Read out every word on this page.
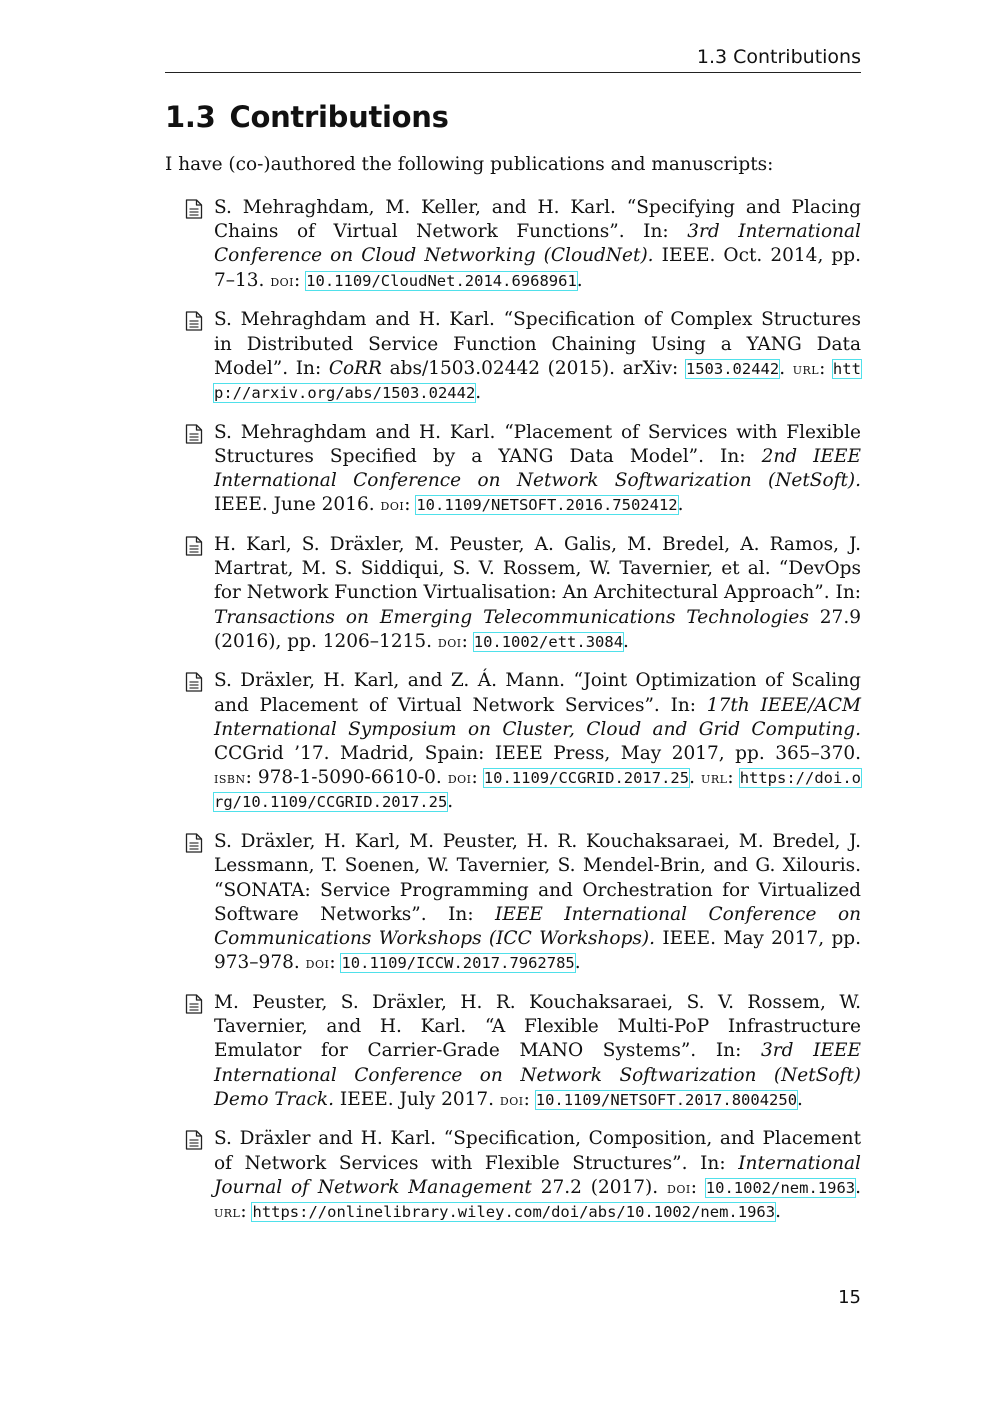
1.3 Contributions
1.3 Contributions

I have (co-)authored the following publications and manuscripts:

S. Mehraghdam, M. Keller, and H. Karl. “Specifying and Placing Chains of Virtual Network Functions”. In: 3rd International Conference on Cloud Networking (CloudNet). IEEE. Oct. 2014, pp. 7–13. doi: 10.1109/CloudNet.2014.6968961.
S. Mehraghdam and H. Karl. “Specification of Complex Structures in Distributed Service Function Chaining Using a YANG Data Model”. In: CoRR abs/1503.02442 (2015). arXiv: 1503.02442. url: http://arxiv.org/abs/1503.02442.
S. Mehraghdam and H. Karl. “Placement of Services with Flexible Structures Specified by a YANG Data Model”. In: 2nd IEEE International Conference on Network Softwarization (NetSoft). IEEE. June 2016. doi: 10.1109/NETSOFT.2016.7502412.
H. Karl, S. Dräxler, M. Peuster, A. Galis, M. Bredel, A. Ramos, J. Martrat, M. S. Siddiqui, S. V. Rossem, W. Tavernier, et al. “DevOps for Network Function Virtualisation: An Architectural Approach”. In: Transactions on Emerging Telecommunications Technologies 27.9 (2016), pp. 1206–1215. doi: 10.1002/ett.3084.
S. Dräxler, H. Karl, and Z. Á. Mann. “Joint Optimization of Scaling and Placement of Virtual Network Services”. In: 17th IEEE/ACM International Symposium on Cluster, Cloud and Grid Computing. CCGrid ’17. Madrid, Spain: IEEE Press, May 2017, pp. 365–370. isbn: 978-1-5090-6610-0. doi: 10.1109/CCGRID.2017.25. url: https://doi.org/10.1109/CCGRID.2017.25.
S. Dräxler, H. Karl, M. Peuster, H. R. Kouchaksaraei, M. Bredel, J. Lessmann, T. Soenen, W. Tavernier, S. Mendel-Brin, and G. Xilouris. “SONATA: Service Programming and Orchestration for Virtualized Software Networks”. In: IEEE International Conference on Communications Workshops (ICC Workshops). IEEE. May 2017, pp. 973–978. doi: 10.1109/ICCW.2017.7962785.
M. Peuster, S. Dräxler, H. R. Kouchaksaraei, S. V. Rossem, W. Tavernier, and H. Karl. “A Flexible Multi-PoP Infrastructure Emulator for Carrier-Grade MANO Systems”. In: 3rd IEEE International Conference on Network Softwarization (NetSoft) Demo Track. IEEE. July 2017. doi: 10.1109/NETSOFT.2017.8004250.
S. Dräxler and H. Karl. “Specification, Composition, and Placement of Network Services with Flexible Structures”. In: International Journal of Network Management 27.2 (2017). doi: 10.1002/nem.1963. url: https://onlinelibrary.wiley.com/doi/abs/10.1002/nem.1963.
15
